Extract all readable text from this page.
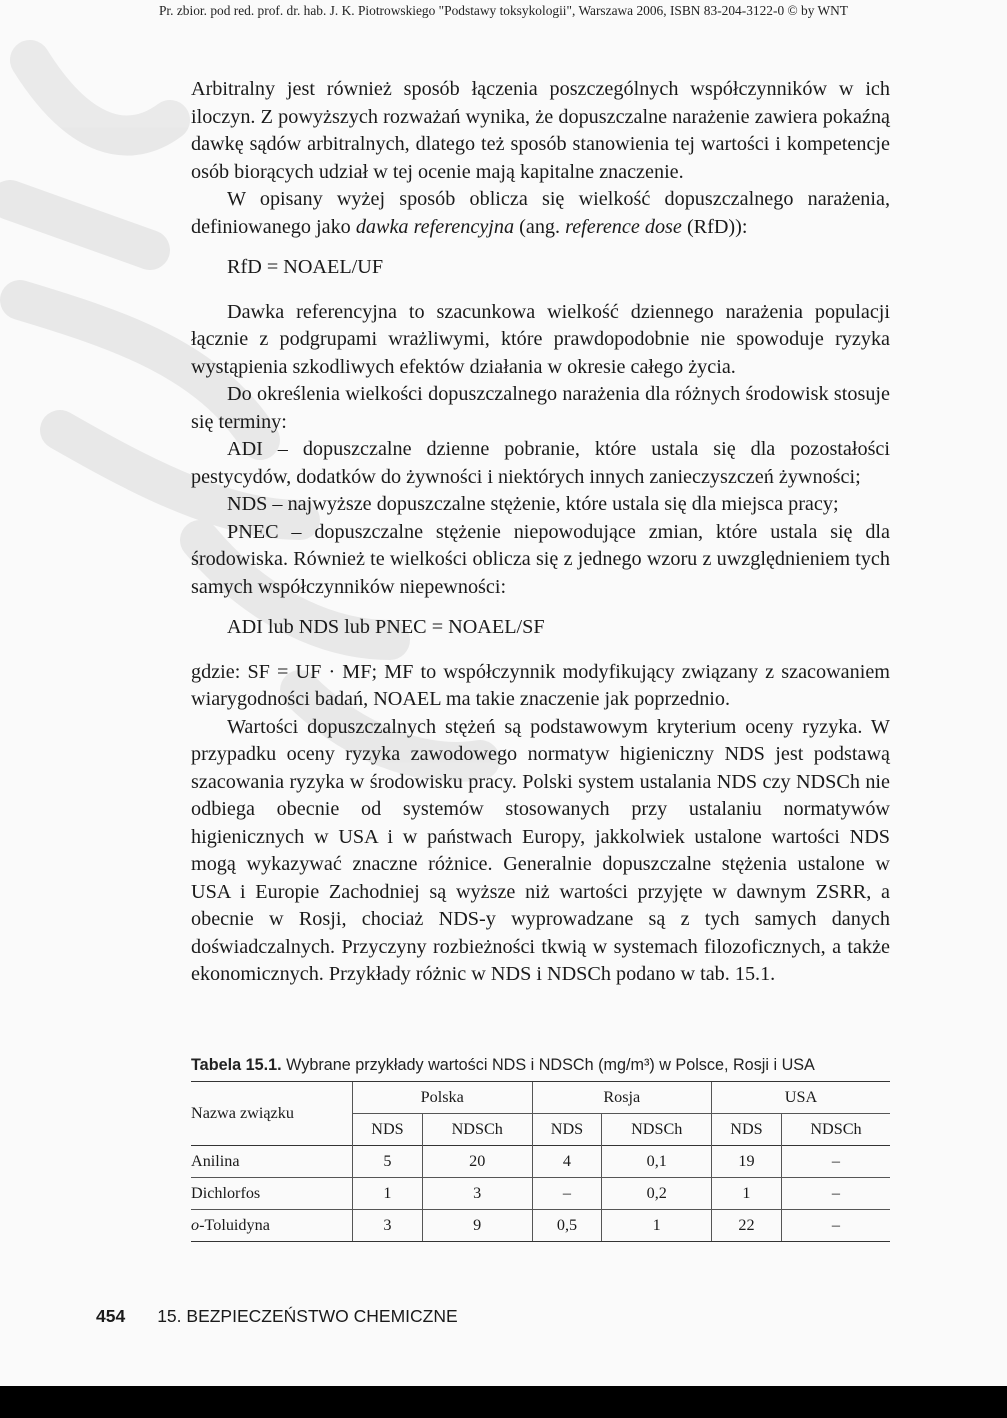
Pr. zbior. pod red. prof. dr. hab. J. K. Piotrowskiego "Podstawy toksykologii", Warszawa 2006, ISBN 83-204-3122-0 © by WNT

Arbitralny jest również sposób łączenia poszczególnych współczynników w ich iloczyn. Z powyższych rozważań wynika, że dopuszczalne narażenie zawiera pokaźną dawkę sądów arbitralnych, dlatego też sposób stanowienia tej wartości i kompetencje osób biorących udział w tej ocenie mają kapitalne znaczenie.

W opisany wyżej sposób oblicza się wielkość dopuszczalnego narażenia, definiowanego jako dawka referencyjna (ang. reference dose (RfD)):

RfD = NOAEL/UF

Dawka referencyjna to szacunkowa wielkość dziennego narażenia populacji łącznie z podgrupami wrażliwymi, które prawdopodobnie nie spowoduje ryzyka wystąpienia szkodliwych efektów działania w okresie całego życia.

Do określenia wielkości dopuszczalnego narażenia dla różnych środowisk stosuje się terminy:

ADI – dopuszczalne dzienne pobranie, które ustala się dla pozostałości pestycydów, dodatków do żywności i niektórych innych zanieczyszczeń żywności;

NDS – najwyższe dopuszczalne stężenie, które ustala się dla miejsca pracy;

PNEC – dopuszczalne stężenie niepowodujące zmian, które ustala się dla środowiska. Również te wielkości oblicza się z jednego wzoru z uwzględnieniem tych samych współczynników niepewności:

ADI lub NDS lub PNEC = NOAEL/SF

gdzie: SF = UF · MF; MF to współczynnik modyfikujący związany z szacowaniem wiarygodności badań, NOAEL ma takie znaczenie jak poprzednio.

Wartości dopuszczalnych stężeń są podstawowym kryterium oceny ryzyka. W przypadku oceny ryzyka zawodowego normatyw higieniczny NDS jest podstawą szacowania ryzyka w środowisku pracy. Polski system ustalania NDS czy NDSCh nie odbiega obecnie od systemów stosowanych przy ustalaniu normatywów higienicznych w USA i w państwach Europy, jakkolwiek ustalone wartości NDS mogą wykazywać znaczne różnice. Generalnie dopuszczalne stężenia ustalone w USA i Europie Zachodniej są wyższe niż wartości przyjęte w dawnym ZSRR, a obecnie w Rosji, chociaż NDS-y wyprowadzane są z tych samych danych doświadczalnych. Przyczyny rozbieżności tkwią w systemach filozoficznych, a także ekonomicznych. Przykłady różnic w NDS i NDSCh podano w tab. 15.1.

Tabela 15.1. Wybrane przykłady wartości NDS i NDSCh (mg/m³) w Polsce, Rosji i USA
Nazwa związku	Polska		Rosja		USA	
	NDS	NDSCh	NDS	NDSCh	NDS	NDSCh
Anilina	5	20	4	0,1	19	–
Dichlorfos	1	3	–	0,2	1	–
o-Toluidyna	3	9	0,5	1	22	–
454 15. BEZPIECZEŃSTWO CHEMICZNE
